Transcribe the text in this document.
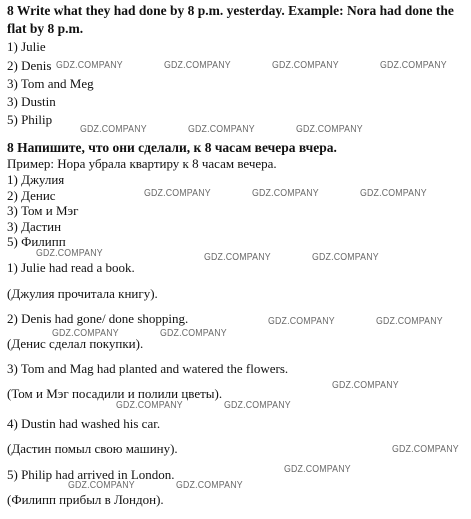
8 Write what they had done by 8 p.m. yesterday. Example: Nora had done the
flat by 8 p.m.
1) Julie
2) Denis
3) Tom and Meg
3) Dustin
5) Philip
8 Напишите, что они сделали, к 8 часам вечера вчера.
Пример: Нора убрала квартиру к 8 часам вечера.
1) Джулия
2) Денис
3) Том и Мэг
3) Дастин
5) Филипп
1) Julie had read a book.
(Джулия прочитала книгу).
2) Denis had gone/ done shopping.
(Денис сделал покупки).
3) Tom and Mag had planted and watered the flowers.
(Том и Мэг посадили и полили цветы).
4) Dustin had washed his car.
(Дастин помыл свою машину).
5) Philip had arrived in London.
(Филипп прибыл в Лондон).
GDZ.COMPANY	GDZ.COMPANY	GDZ.COMPANY	GDZ.COMPANY
GDZ.COMPANY	GDZ.COMPANY	GDZ.COMPANY
GDZ.COMPANY	GDZ.COMPANY	GDZ.COMPANY
GDZ.COMPANY	GDZ.COMPANY	GDZ.COMPANY
GDZ.COMPANY	GDZ.COMPANY
GDZ.COMPANY	GDZ.COMPANY
GDZ.COMPANY
GDZ.COMPANY	GDZ.COMPANY
GDZ.COMPANY
GDZ.COMPANY
GDZ.COMPANY	GDZ.COMPANY
